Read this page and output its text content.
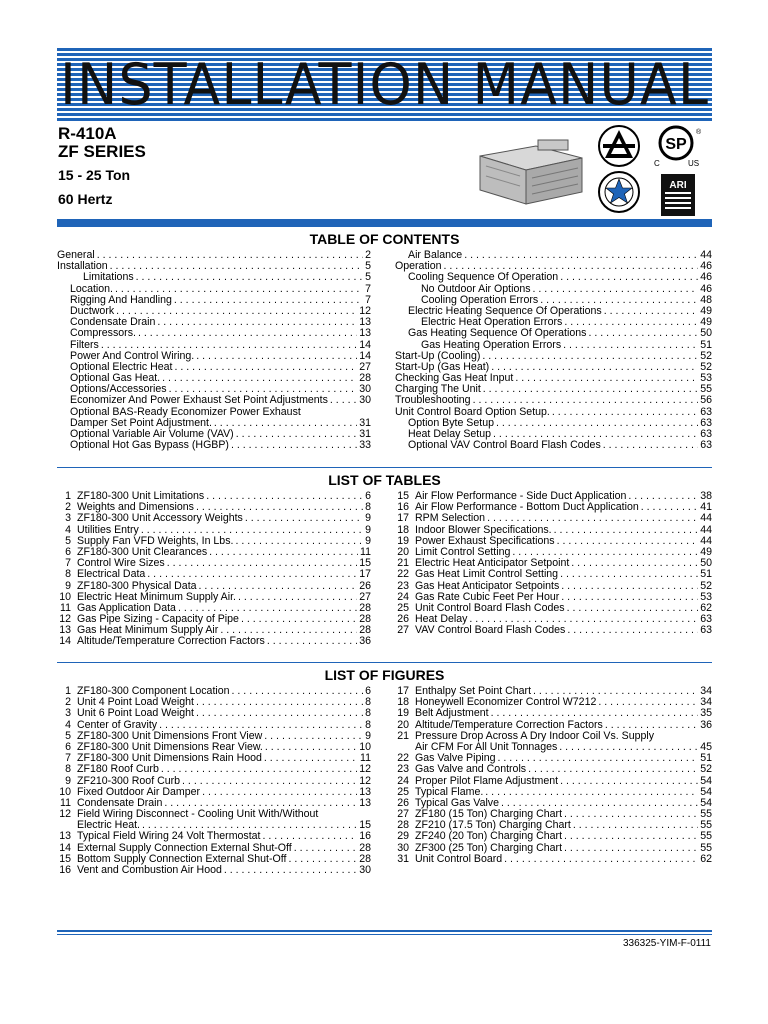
INSTALLATION MANUAL
R-410A
ZF SERIES
15 - 25 Ton
60 Hertz
SP
®
C	US
ARI
TABLE OF CONTENTS
General . . .	2
Installation . . .	5
Limitations . . .	5
Location. . . .	7
Rigging And Handling . . .	7
Ductwork . . .	12
Condensate Drain . . .	13
Compressors. . . .	13
Filters . . .	14
Power And Control Wiring. . . .	14
Optional Electric Heat . . .	27
Optional Gas Heat. . . .	28
Options/Accessories . . .	30
Economizer And Power Exhaust Set Point Adjustments . . .	30
Optional BAS-Ready Economizer Power Exhaust
Damper Set Point Adjustment. . . .	31
Optional Variable Air Volume (VAV) . . .	31
Optional Hot Gas Bypass (HGBP) . . .	33
Air Balance . . .	44
Operation . . .	46
Cooling Sequence Of Operation . . .	46
No Outdoor Air Options . . .	46
Cooling Operation Errors . . .	48
Electric Heating Sequence Of Operations . . .	49
Electric Heat Operation Errors . . .	49
Gas Heating Sequence Of Operations . . .	50
Gas Heating Operation Errors . . .	51
Start-Up (Cooling) . . .	52
Start-Up (Gas Heat) . . .	52
Checking Gas Heat Input . . .	53
Charging The Unit . . .	55
Troubleshooting . . .	56
Unit Control Board Option Setup. . . .	63
Option Byte Setup . . .	63
Heat Delay Setup . . .	63
Optional VAV Control Board Flash Codes . . .	63
LIST OF TABLES
1 ZF180-300 Unit Limitations . . .	6
2 Weights and Dimensions . . .	8
3 ZF180-300 Unit Accessory Weights . . .	9
4 Utilities Entry . . .	9
5 Supply Fan VFD Weights, In Lbs. . . .	9
6 ZF180-300 Unit Clearances . . .	11
7 Control Wire Sizes . . .	15
8 Electrical Data . . .	17
9 ZF180-300 Physical Data . . .	26
10 Electric Heat Minimum Supply Air. . . .	27
11 Gas Application Data . . .	28
12 Gas Pipe Sizing - Capacity of Pipe . . .	28
13 Gas Heat Minimum Supply Air . . .	28
14 Altitude/Temperature Correction Factors . . .	36
15 Air Flow Performance - Side Duct Application . . .	38
16 Air Flow Performance - Bottom Duct Application . . .	41
17 RPM Selection . . .	44
18 Indoor Blower Specifications. . . .	44
19 Power Exhaust Specifications . . .	44
20 Limit Control Setting . . .	49
21 Electric Heat Anticipator Setpoint . . .	50
22 Gas Heat Limit Control Setting . . .	51
23 Gas Heat Anticipator Setpoints . . .	52
24 Gas Rate Cubic Feet Per Hour . . .	53
25 Unit Control Board Flash Codes . . .	62
26 Heat Delay . . .	63
27 VAV Control Board Flash Codes . . .	63
LIST OF FIGURES
1 ZF180-300 Component Location . . .	6
2 Unit 4 Point Load Weight . . .	8
3 Unit 6 Point Load Weight . . .	8
4 Center of Gravity . . .	8
5 ZF180-300 Unit Dimensions Front View . . .	9
6 ZF180-300 Unit Dimensions Rear View. . . .	10
7 ZF180-300 Unit Dimensions Rain Hood . . .	11
8 ZF180 Roof Curb . . .	12
9 ZF210-300 Roof Curb . . .	12
10 Fixed Outdoor Air Damper . . .	13
11 Condensate Drain . . .	13
12 Field Wiring Disconnect - Cooling Unit With/Without
Electric Heat. . . .	15
13 Typical Field Wiring 24 Volt Thermostat . . .	16
14 External Supply Connection External Shut-Off . . .	28
15 Bottom Supply Connection External Shut-Off . . .	28
16 Vent and Combustion Air Hood . . .	30
17 Enthalpy Set Point Chart . . .	34
18 Honeywell Economizer Control W7212 . . .	34
19 Belt Adjustment . . .	35
20 Altitude/Temperature Correction Factors . . .	36
21 Pressure Drop Across A Dry Indoor Coil Vs. Supply
Air CFM For All Unit Tonnages . . .	45
22 Gas Valve Piping . . .	51
23 Gas Valve and Controls . . .	52
24 Proper Pilot Flame Adjustment . . .	54
25 Typical Flame. . . .	54
26 Typical Gas Valve . . .	54
27 ZF180 (15 Ton) Charging Chart . . .	55
28 ZF210 (17.5 Ton) Charging Chart . . .	55
29 ZF240 (20 Ton) Charging Chart . . .	55
30 ZF300 (25 Ton) Charging Chart . . .	55
31 Unit Control Board . . .	62
336325-YIM-F-0111
